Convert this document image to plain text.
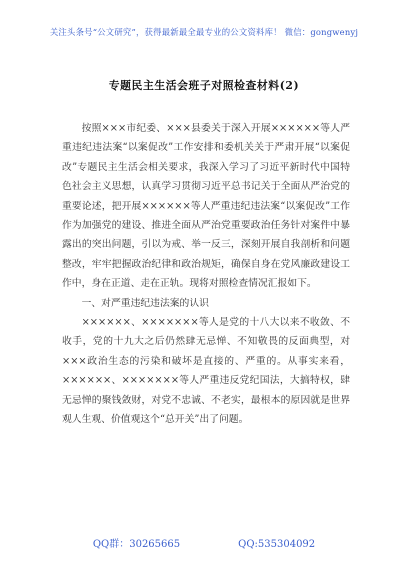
关注头条号“公文研究”，获得最新最全最专业的公文资料库！ 微信：gongwenyj
专题民主生活会班子对照检查材料(2)

按照×××市纪委、×××县委关于深入开展××××××等人严重违纪违法案“以案促改”工作安排和委机关关于严肃开展“以案促改”专题民主生活会相关要求，我深入学习了习近平新时代中国特色社会主义思想，认真学习贯彻习近平总书记关于全面从严治党的重要论述，把开展××××××等人严重违纪违法案“以案促改”工作作为加强党的建设、推进全面从严治党重要政治任务针对案件中暴露出的突出问题，引以为戒、举一反三，深刻开展自我剖析和问题整改，牢牢把握政治纪律和政治规矩，确保自身在党风廉政建设工作中，身在正道、走在正轨。现将对照检查情况汇报如下。

一、对严重违纪违法案的认识

××××××、×××××××等人是党的十八大以来不收敛、不收手，党的十九大之后仍然肆无忌惮、不知敬畏的反面典型，对×××政治生态的污染和破坏是直接的、严重的。从事实来看，××××××、×××××××等人严重违反党纪国法，大搞特权，肆无忌惮的聚钱敛财，对党不忠诚、不老实，最根本的原因就是世界观人生观、价值观这个“总开关”出了问题。

QQ群：30265665	QQ:535304092
